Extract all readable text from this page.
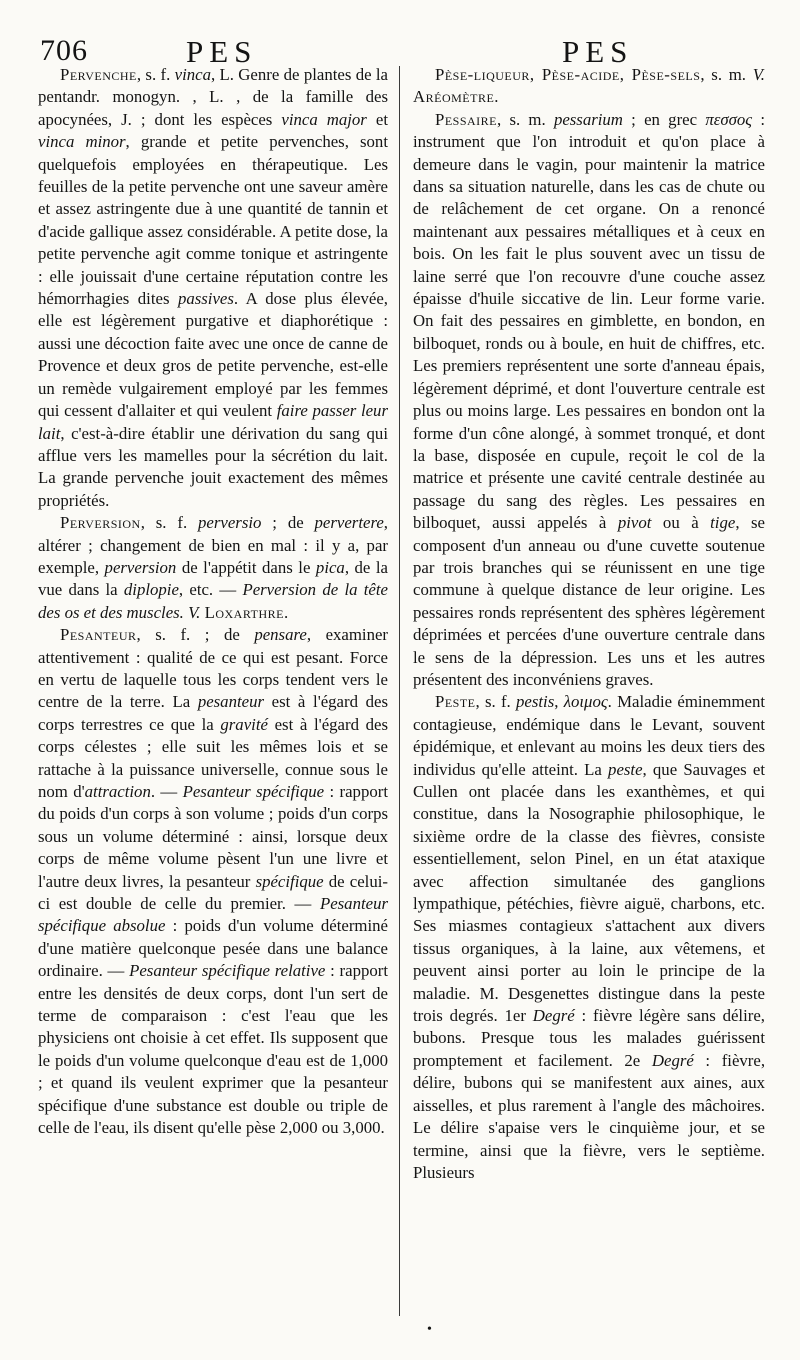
706	PES	PES

Pervenche, s. f. vinca, L. Genre de plantes de la pentandr. monogyn. , L. , de la famille des apocynées, J. ; dont les espèces vinca major et vinca minor, grande et petite pervenches, sont quelquefois employées en thérapeutique. Les feuilles de la petite pervenche ont une saveur amère et assez astringente due à une quantité de tannin et d'acide gallique assez considérable. A petite dose, la petite pervenche agit comme tonique et astringente : elle jouissait d'une certaine réputation contre les hémorrhagies dites passives. A dose plus élevée, elle est légèrement purgative et diaphorétique : aussi une décoction faite avec une once de canne de Provence et deux gros de petite pervenche, est-elle un remède vulgairement employé par les femmes qui cessent d'allaiter et qui veulent faire passer leur lait, c'est-à-dire établir une dérivation du sang qui afflue vers les mamelles pour la sécrétion du lait. La grande pervenche jouit exactement des mêmes propriétés.

Perversion, s. f. perversio ; de pervertere, altérer ; changement de bien en mal : il y a, par exemple, perversion de l'appétit dans le pica, de la vue dans la diplopie, etc. — Perversion de la tête des os et des muscles. V. Loxarthre.

Pesanteur, s. f. ; de pensare, examiner attentivement : qualité de ce qui est pesant. Force en vertu de laquelle tous les corps tendent vers le centre de la terre. La pesanteur est à l'égard des corps terrestres ce que la gravité est à l'égard des corps célestes ; elle suit les mêmes lois et se rattache à la puissance universelle, connue sous le nom d'attraction. — Pesanteur spécifique : rapport du poids d'un corps à son volume ; poids d'un corps sous un volume déterminé : ainsi, lorsque deux corps de même volume pèsent l'un une livre et l'autre deux livres, la pesanteur spécifique de celui-ci est double de celle du premier. — Pesanteur spécifique absolue : poids d'un volume déterminé d'une matière quelconque pesée dans une balance ordinaire. — Pesanteur spécifique relative : rapport entre les densités de deux corps, dont l'un sert de terme de comparaison : c'est l'eau que les physiciens ont choisie à cet effet. Ils supposent que le poids d'un volume quelconque d'eau est de 1,000 ; et quand ils veulent exprimer que la pesanteur spécifique d'une substance est double ou triple de celle de l'eau, ils disent qu'elle pèse 2,000 ou 3,000.

Pèse-liqueur, Pèse-acide, Pèse-sels, s. m. V. Aréomètre.

Pessaire, s. m. pessarium ; en grec πεσσος : instrument que l'on introduit et qu'on place à demeure dans le vagin, pour maintenir la matrice dans sa situation naturelle, dans les cas de chute ou de relâchement de cet organe. On a renoncé maintenant aux pessaires métalliques et à ceux en bois. On les fait le plus souvent avec un tissu de laine serré que l'on recouvre d'une couche assez épaisse d'huile siccative de lin. Leur forme varie. On fait des pessaires en gimblette, en bondon, en bilboquet, ronds ou à boule, en huit de chiffres, etc. Les premiers représentent une sorte d'anneau épais, légèrement déprimé, et dont l'ouverture centrale est plus ou moins large. Les pessaires en bondon ont la forme d'un cône alongé, à sommet tronqué, et dont la base, disposée en cupule, reçoit le col de la matrice et présente une cavité centrale destinée au passage du sang des règles. Les pessaires en bilboquet, aussi appelés à pivot ou à tige, se composent d'un anneau ou d'une cuvette soutenue par trois branches qui se réunissent en une tige commune à quelque distance de leur origine. Les pessaires ronds représentent des sphères légèrement déprimées et percées d'une ouverture centrale dans le sens de la dépression. Les uns et les autres présentent des inconvéniens graves.

Peste, s. f. pestis, λοιμος. Maladie éminemment contagieuse, endémique dans le Levant, souvent épidémique, et enlevant au moins les deux tiers des individus qu'elle atteint. La peste, que Sauvages et Cullen ont placée dans les exanthèmes, et qui constitue, dans la Nosographie philosophique, le sixième ordre de la classe des fièvres, consiste essentiellement, selon Pinel, en un état ataxique avec affection simultanée des ganglions lympathique, pétéchies, fièvre aiguë, charbons, etc. Ses miasmes contagieux s'attachent aux divers tissus organiques, à la laine, aux vêtemens, et peuvent ainsi porter au loin le principe de la maladie. M. Desgenettes distingue dans la peste trois degrés. 1er Degré : fièvre légère sans délire, bubons. Presque tous les malades guérissent promptement et facilement. 2e Degré : fièvre, délire, bubons qui se manifestent aux aines, aux aisselles, et plus rarement à l'angle des mâchoires. Le délire s'apaise vers le cinquième jour, et se termine, ainsi que la fièvre, vers le septième. Plusieurs

•
